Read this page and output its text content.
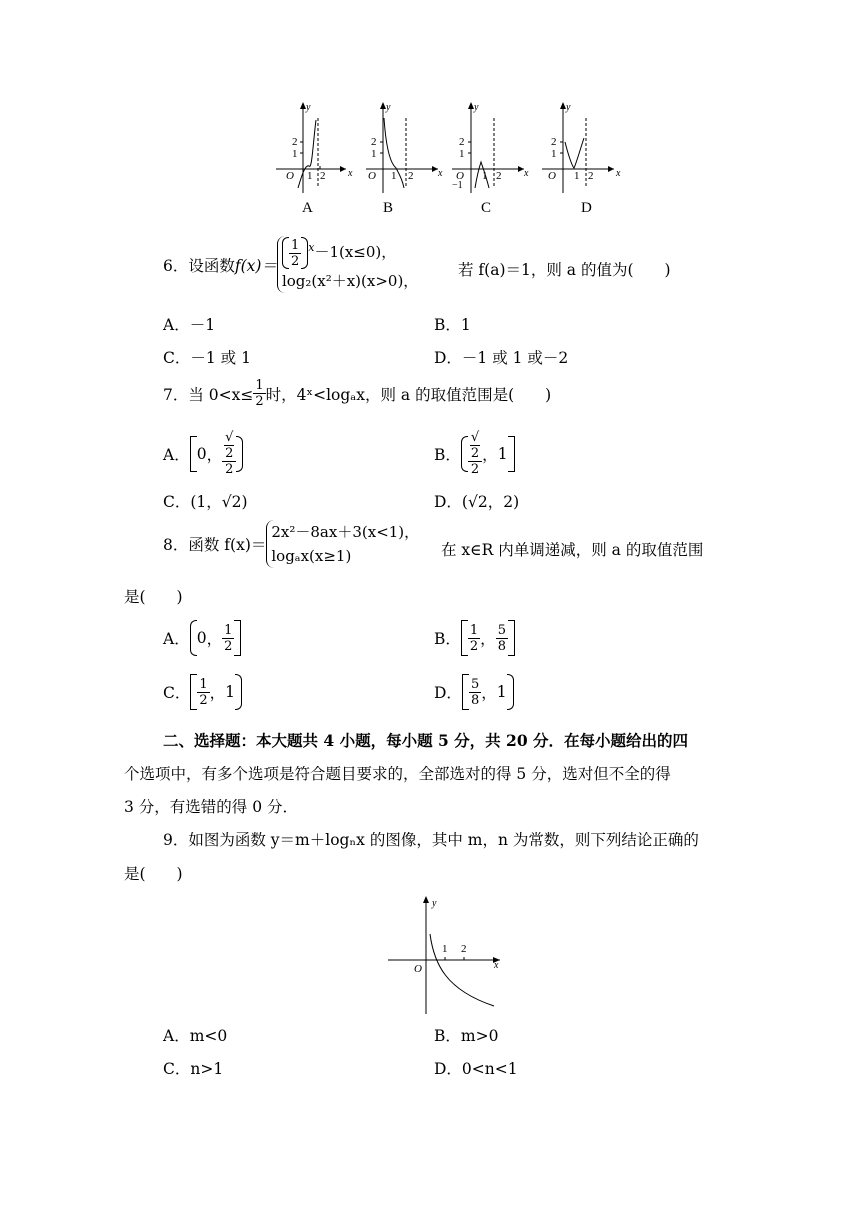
y
x
O 1 2
1
2
y
x
O 1 2
1
2
y
x
O 1 2
1
2
−1
y
x
O 1 2
1
2
A	B	C	D
6．设函数$f(x)= \frac{1}{2} ^x-1(x\le 0)$，
log₂(x²＋x)(x>0)，
若 f(a)＝1，则 a 的值为(　　)
A．－1	B．1
C．－1 或 1	D．－1 或 1 或－2
7．当 $0<x\le \frac{1}{2}$ 时，4ˣ<logₐx，则 a 的取值范围是(　　)
A． 0， √
2
2	B． √
2
2 ，1
C．(1，√2)	D．(√2，2)
8．函数 f(x)＝
2x²－8ax＋3(x<1)，
logₐx(x≥1)	在 x∈R 内单调递减，则 a 的取值范围
是(　　)
A． 0， $\frac{1}{2}$	B． $\frac{1}{2}$ ， $\frac{5}{8}$
C． $\frac{1}{2}$ ，1	D． $\frac{5}{8}$ ，1
二、选择题：本大题共 4 小题，每小题 5 分，共 20 分．在每小题给出的四
个选项中，有多个选项是符合题目要求的，全部选对的得 5 分，选对但不全的得
3 分，有选错的得 0 分．
9．如图为函数 y＝m＋logₙx 的图像，其中 m，n 为常数，则下列结论正确的
是(　　)
y
x
O
1 2
A．m<0	B．m>0
C．n>1	D．0<n<1
